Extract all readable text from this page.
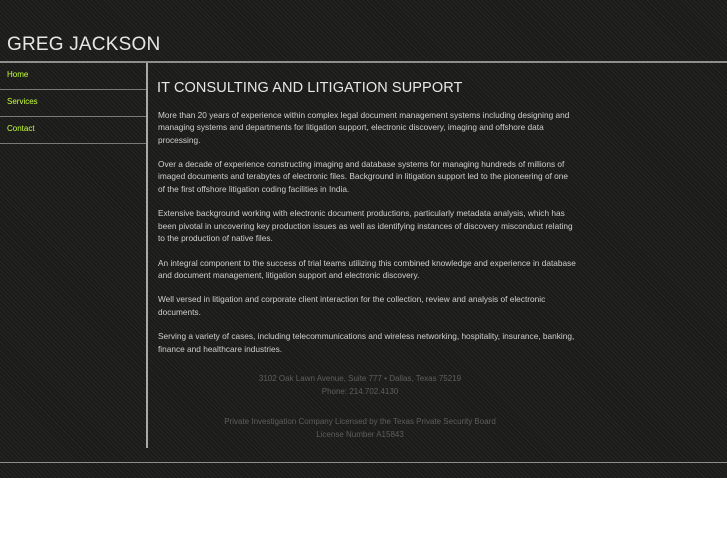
GREG JACKSON
Home
Services
Contact
IT CONSULTING AND LITIGATION SUPPORT

More than 20 years of experience within complex legal document management systems including designing and managing systems and departments for litigation support, electronic discovery, imaging and offshore data processing.

Over a decade of experience constructing imaging and database systems for managing hundreds of millions of imaged documents and terabytes of electronic files. Background in litigation support led to the pioneering of one of the first offshore litigation coding facilities in India.

Extensive background working with electronic document productions, particularly metadata analysis, which has been pivotal in uncovering key production issues as well as identifying instances of discovery misconduct relating to the production of native files.

An integral component to the success of trial teams utilizing this combined knowledge and experience in database and document management, litigation support and electronic discovery.

Well versed in litigation and corporate client interaction for the collection, review and analysis of electronic documents.

Serving a variety of cases, including telecommunications and wireless networking, hospitality, insurance, banking, finance and healthcare industries.

3102 Oak Lawn Avenue, Suite 777 • Dallas, Texas 75219
Phone: 214.702.4130
Private Investigation Company Licensed by the Texas Private Security Board
License Number A15843
